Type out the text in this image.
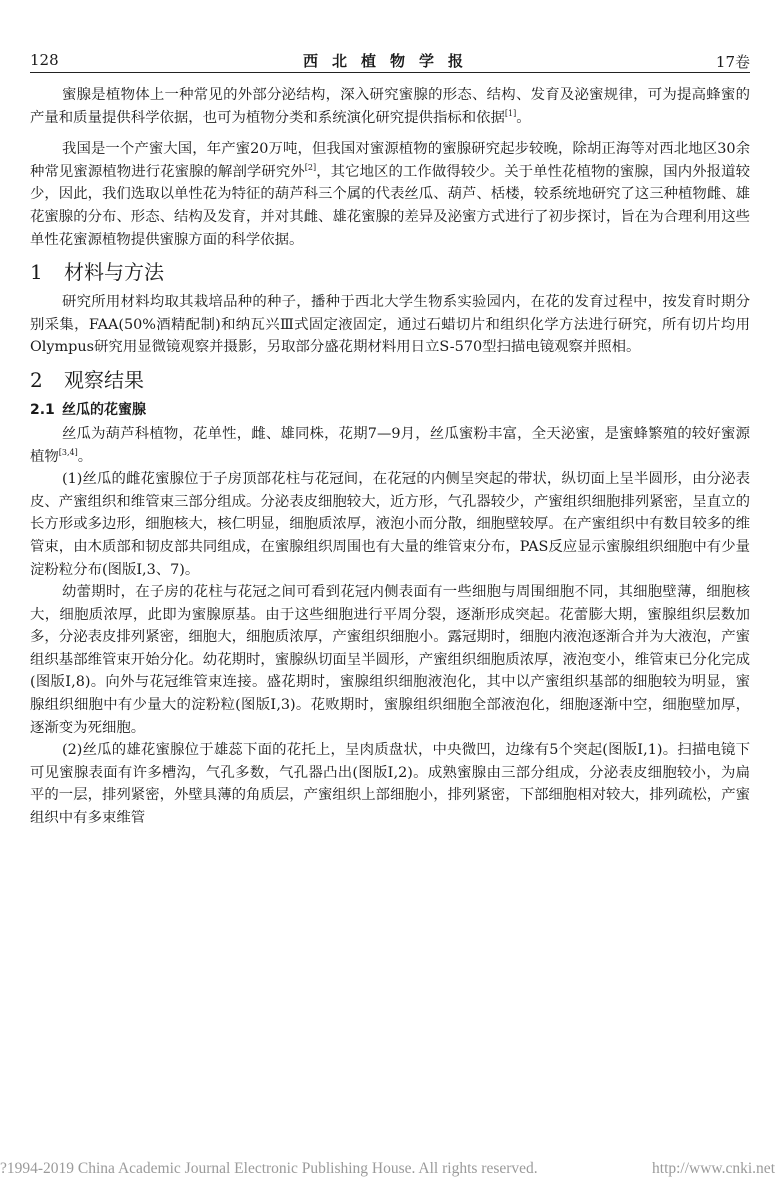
128	西北植物学报	17卷

蜜腺是植物体上一种常见的外部分泌结构，深入研究蜜腺的形态、结构、发育及泌蜜规律，可为提高蜂蜜的产量和质量提供科学依据，也可为植物分类和系统演化研究提供指标和依据[1]。

我国是一个产蜜大国，年产蜜20万吨，但我国对蜜源植物的蜜腺研究起步较晚，除胡正海等对西北地区30余种常见蜜源植物进行花蜜腺的解剖学研究外[2]，其它地区的工作做得较少。关于单性花植物的蜜腺，国内外报道较少，因此，我们选取以单性花为特征的葫芦科三个属的代表丝瓜、葫芦、栝楼，较系统地研究了这三种植物雌、雄花蜜腺的分布、形态、结构及发育，并对其雌、雄花蜜腺的差异及泌蜜方式进行了初步探讨，旨在为合理利用这些单性花蜜源植物提供蜜腺方面的科学依据。

1 材料与方法

研究所用材料均取其栽培品种的种子，播种于西北大学生物系实验园内，在花的发育过程中，按发育时期分别采集，FAA(50%酒精配制)和纳瓦兴Ⅲ式固定液固定，通过石蜡切片和组织化学方法进行研究，所有切片均用Olympus研究用显微镜观察并摄影，另取部分盛花期材料用日立S-570型扫描电镜观察并照相。

2 观察结果
2.1 丝瓜的花蜜腺

丝瓜为葫芦科植物，花单性，雌、雄同株，花期7—9月，丝瓜蜜粉丰富，全天泌蜜，是蜜蜂繁殖的较好蜜源植物[3,4]。

(1)丝瓜的雌花蜜腺位于子房顶部花柱与花冠间，在花冠的内侧呈突起的带状，纵切面上呈半圆形，由分泌表皮、产蜜组织和维管束三部分组成。分泌表皮细胞较大，近方形，气孔器较少，产蜜组织细胞排列紧密，呈直立的长方形或多边形，细胞核大，核仁明显，细胞质浓厚，液泡小而分散，细胞壁较厚。在产蜜组织中有数目较多的维管束，由木质部和韧皮部共同组成，在蜜腺组织周围也有大量的维管束分布，PAS反应显示蜜腺组织细胞中有少量淀粉粒分布(图版Ⅰ,3、7)。

幼蕾期时，在子房的花柱与花冠之间可看到花冠内侧表面有一些细胞与周围细胞不同，其细胞壁薄，细胞核大，细胞质浓厚，此即为蜜腺原基。由于这些细胞进行平周分裂，逐渐形成突起。花蕾膨大期，蜜腺组织层数加多，分泌表皮排列紧密，细胞大，细胞质浓厚，产蜜组织细胞小。露冠期时，细胞内液泡逐渐合并为大液泡，产蜜组织基部维管束开始分化。幼花期时，蜜腺纵切面呈半圆形，产蜜组织细胞质浓厚，液泡变小，维管束已分化完成(图版Ⅰ,8)。向外与花冠维管束连接。盛花期时，蜜腺组织细胞液泡化，其中以产蜜组织基部的细胞较为明显，蜜腺组织细胞中有少量大的淀粉粒(图版Ⅰ,3)。花败期时，蜜腺组织细胞全部液泡化，细胞逐渐中空，细胞壁加厚，逐渐变为死细胞。

(2)丝瓜的雄花蜜腺位于雄蕊下面的花托上，呈肉质盘状，中央微凹，边缘有5个突起(图版Ⅰ,1)。扫描电镜下可见蜜腺表面有许多槽沟，气孔多数，气孔器凸出(图版Ⅰ,2)。成熟蜜腺由三部分组成，分泌表皮细胞较小，为扁平的一层，排列紧密，外壁具薄的角质层，产蜜组织上部细胞小，排列紧密，下部细胞相对较大，排列疏松，产蜜组织中有多束维管

?1994-2019 China Academic Journal Electronic Publishing House. All rights reserved.	http://www.cnki.net
